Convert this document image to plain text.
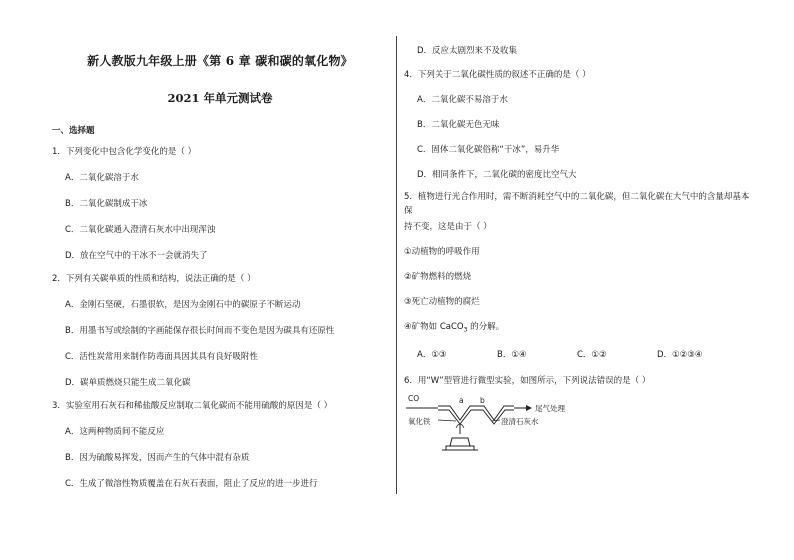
新人教版九年级上册《第 6 章 碳和碳的氧化物》
2021 年单元测试卷
一、选择题
1．下列变化中包含化学变化的是（ ）
A．二氧化碳溶于水
B．二氧化碳制成干冰
C．二氧化碳通入澄清石灰水中出现浑浊
D．放在空气中的干冰不一会就消失了
2．下列有关碳单质的性质和结构，说法正确的是（ ）
A．金刚石坚硬，石墨很软，是因为金刚石中的碳原子不断运动
B．用墨书写或绘制的字画能保存很长时间而不变色是因为碳具有还原性
C．活性炭常用来制作防毒面具因其具有良好吸附性
D．碳单质燃烧只能生成二氧化碳
3．实验室用石灰石和稀盐酸反应制取二氧化碳而不能用硫酸的原因是（ ）
A．这两种物质间不能反应
B．因为硫酸易挥发，因而产生的气体中混有杂质
C．生成了微溶性物质覆盖在石灰石表面，阻止了反应的进一步进行
D．反应太剧烈来不及收集
4．下列关于二氧化碳性质的叙述不正确的是（ ）
A．二氧化碳不易溶于水
B．二氧化碳无色无味
C．固体二氧化碳俗称“干冰”，易升华
D．相同条件下，二氧化碳的密度比空气大
5．植物进行光合作用时，需不断消耗空气中的二氧化碳，但二氧化碳在大气中的含量却基本保
持不变，这是由于（ ）
①动植物的呼吸作用
②矿物燃料的燃烧
③死亡动植物的腐烂
④矿物如 CaCO$_3$ 的分解。
A．①③	B．①④	C．①②	D．①②③④
6．用“W”型管进行微型实验，如图所示，下列说法错误的是（ ）
CO	a b
尾气处理
氧化铁	澄清石灰水
